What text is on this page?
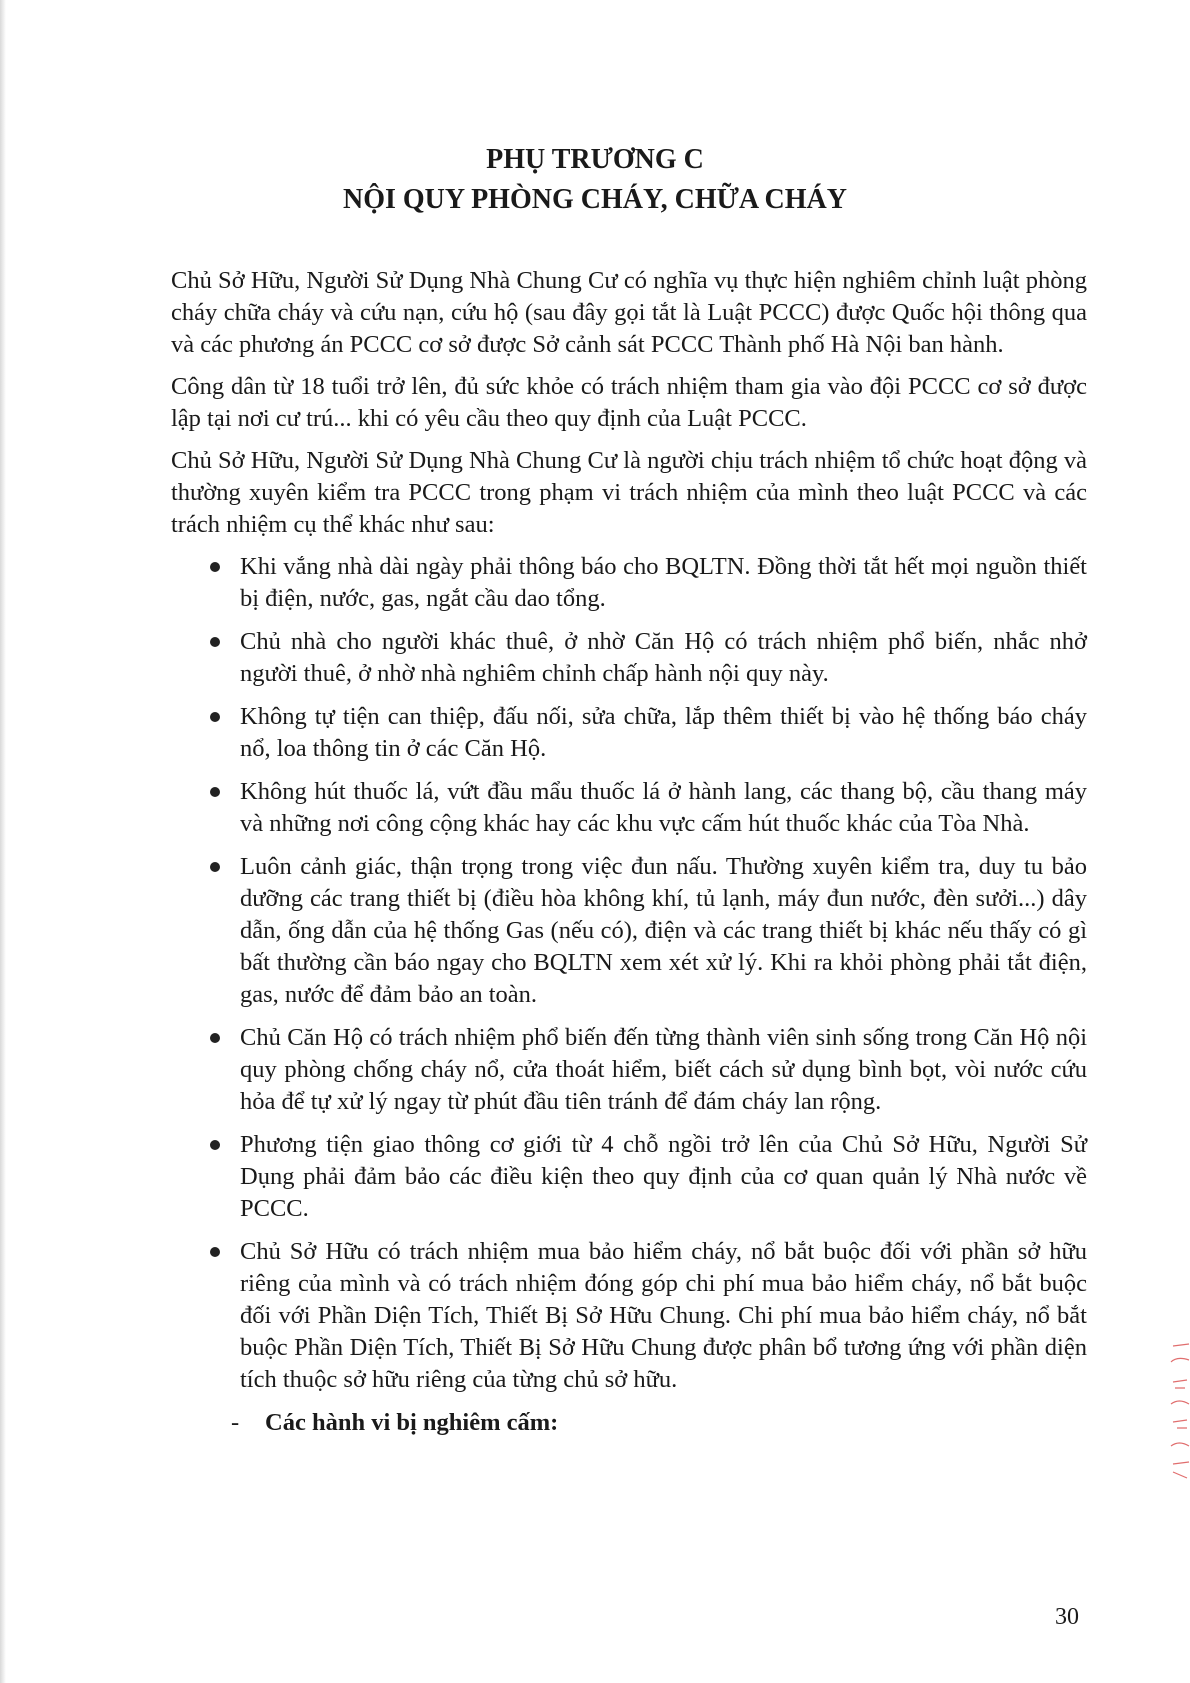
PHỤ TRƯƠNG C
NỘI QUY PHÒNG CHÁY, CHỮA CHÁY

Chủ Sở Hữu, Người Sử Dụng Nhà Chung Cư có nghĩa vụ thực hiện nghiêm chỉnh luật phòng cháy chữa cháy và cứu nạn, cứu hộ (sau đây gọi tắt là Luật PCCC) được Quốc hội thông qua và các phương án PCCC cơ sở được Sở cảnh sát PCCC Thành phố Hà Nội ban hành.

Công dân từ 18 tuổi trở lên, đủ sức khỏe có trách nhiệm tham gia vào đội PCCC cơ sở được lập tại nơi cư trú... khi có yêu cầu theo quy định của Luật PCCC.

Chủ Sở Hữu, Người Sử Dụng Nhà Chung Cư là người chịu trách nhiệm tổ chức hoạt động và thường xuyên kiểm tra PCCC trong phạm vi trách nhiệm của mình theo luật PCCC và các trách nhiệm cụ thể khác như sau:

Khi vắng nhà dài ngày phải thông báo cho BQLTN. Đồng thời tắt hết mọi nguồn thiết bị điện, nước, gas, ngắt cầu dao tổng.
Chủ nhà cho người khác thuê, ở nhờ Căn Hộ có trách nhiệm phổ biến, nhắc nhở người thuê, ở nhờ nhà nghiêm chỉnh chấp hành nội quy này.
Không tự tiện can thiệp, đấu nối, sửa chữa, lắp thêm thiết bị vào hệ thống báo cháy nổ, loa thông tin ở các Căn Hộ.
Không hút thuốc lá, vứt đầu mẩu thuốc lá ở hành lang, các thang bộ, cầu thang máy và những nơi công cộng khác hay các khu vực cấm hút thuốc khác của Tòa Nhà.
Luôn cảnh giác, thận trọng trong việc đun nấu. Thường xuyên kiểm tra, duy tu bảo dưỡng các trang thiết bị (điều hòa không khí, tủ lạnh, máy đun nước, đèn sưởi...) dây dẫn, ống dẫn của hệ thống Gas (nếu có), điện và các trang thiết bị khác nếu thấy có gì bất thường cần báo ngay cho BQLTN xem xét xử lý. Khi ra khỏi phòng phải tắt điện, gas, nước để đảm bảo an toàn.
Chủ Căn Hộ có trách nhiệm phổ biến đến từng thành viên sinh sống trong Căn Hộ nội quy phòng chống cháy nổ, cửa thoát hiểm, biết cách sử dụng bình bọt, vòi nước cứu hỏa để tự xử lý ngay từ phút đầu tiên tránh để đám cháy lan rộng.
Phương tiện giao thông cơ giới từ 4 chỗ ngồi trở lên của Chủ Sở Hữu, Người Sử Dụng phải đảm bảo các điều kiện theo quy định của cơ quan quản lý Nhà nước về PCCC.
Chủ Sở Hữu có trách nhiệm mua bảo hiểm cháy, nổ bắt buộc đối với phần sở hữu riêng của mình và có trách nhiệm đóng góp chi phí mua bảo hiểm cháy, nổ bắt buộc đối với Phần Diện Tích, Thiết Bị Sở Hữu Chung. Chi phí mua bảo hiểm cháy, nổ bắt buộc Phần Diện Tích, Thiết Bị Sở Hữu Chung được phân bổ tương ứng với phần diện tích thuộc sở hữu riêng của từng chủ sở hữu.
- Các hành vi bị nghiêm cấm:
30
